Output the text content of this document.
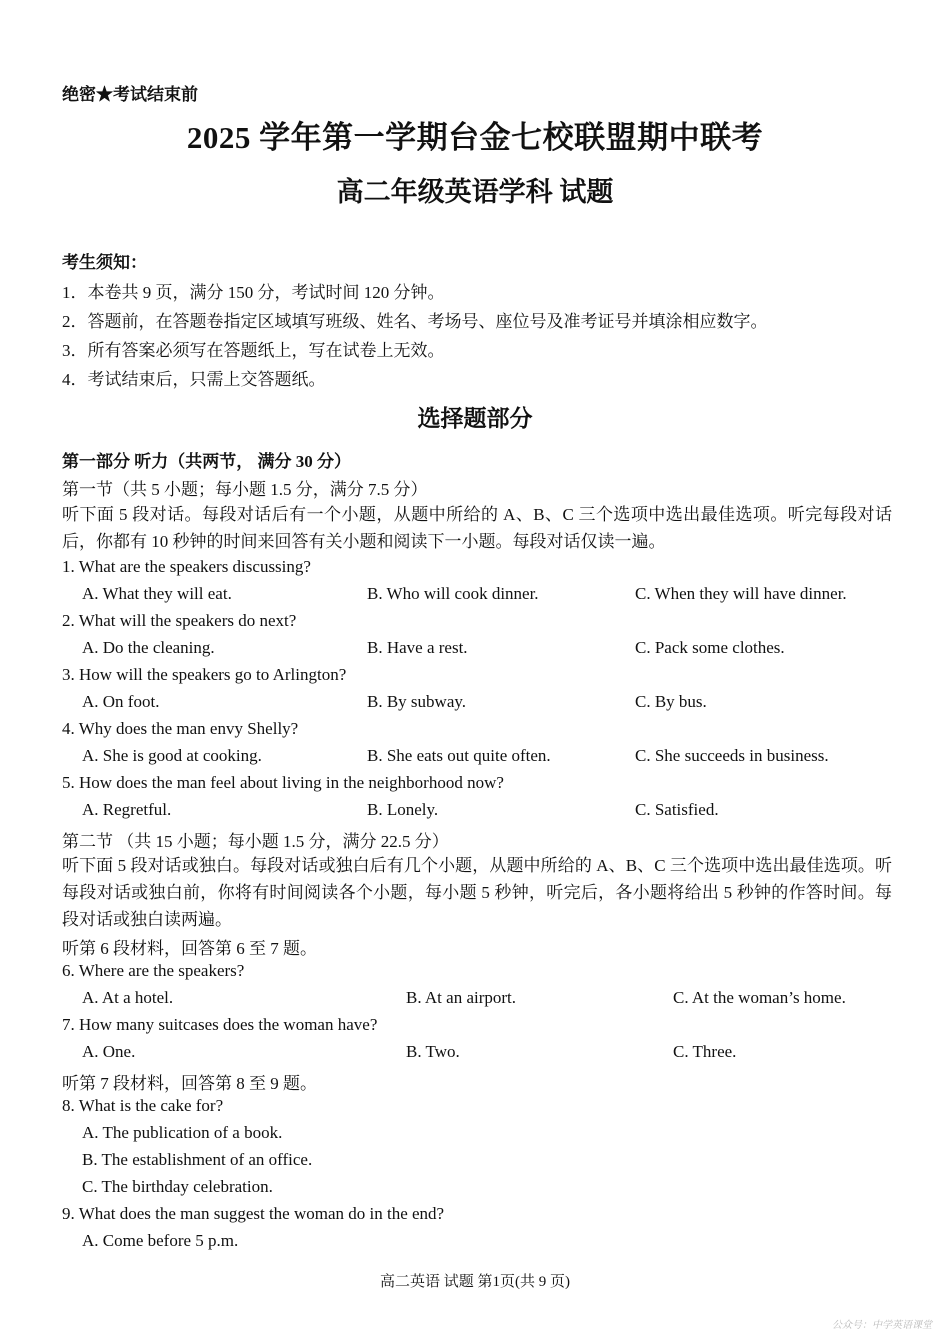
绝密★考试结束前
2025 学年第一学期台金七校联盟期中联考
高二年级英语学科 试题
考生须知：
1．本卷共 9 页，满分 150 分，考试时间 120 分钟。
2．答题前，在答题卷指定区域填写班级、姓名、考场号、座位号及准考证号并填涂相应数字。
3．所有答案必须写在答题纸上，写在试卷上无效。
4．考试结束后，只需上交答题纸。
选择题部分
第一部分 听力（共两节， 满分 30 分）
第一节（共 5 小题；每小题 1.5 分，满分 7.5 分）
听下面 5 段对话。每段对话后有一个小题，从题中所给的 A、B、C 三个选项中选出最佳选项。听完每段对话后，你都有 10 秒钟的时间来回答有关小题和阅读下一小题。每段对话仅读一遍。
1. What are the speakers discussing?
A. What they will eat.	B. Who will cook dinner.	C. When they will have dinner.
2. What will the speakers do next?
A. Do the cleaning.	B. Have a rest.	C. Pack some clothes.
3. How will the speakers go to Arlington?
A. On foot.	B. By subway.	C. By bus.
4. Why does the man envy Shelly?
A. She is good at cooking.	B. She eats out quite often.	C. She succeeds in business.
5. How does the man feel about living in the neighborhood now?
A. Regretful.	B. Lonely.	C. Satisfied.
第二节 （共 15 小题；每小题 1.5 分，满分 22.5 分）
听下面 5 段对话或独白。每段对话或独白后有几个小题，从题中所给的 A、B、C 三个选项中选出最佳选项。听每段对话或独白前，你将有时间阅读各个小题，每小题 5 秒钟，听完后，各小题将给出 5 秒钟的作答时间。每段对话或独白读两遍。
听第 6 段材料，回答第 6 至 7 题。
6. Where are the speakers?
A. At a hotel.	B. At an airport.	C. At the woman’s home.
7. How many suitcases does the woman have?
A. One.	B. Two.	C. Three.
听第 7 段材料，回答第 8 至 9 题。
8. What is the cake for?
A. The publication of a book.
B. The establishment of an office.
C. The birthday celebration.
9. What does the man suggest the woman do in the end?
A. Come before 5 p.m.
高二英语 试题 第1页(共 9 页)
公众号：中学英语课堂
